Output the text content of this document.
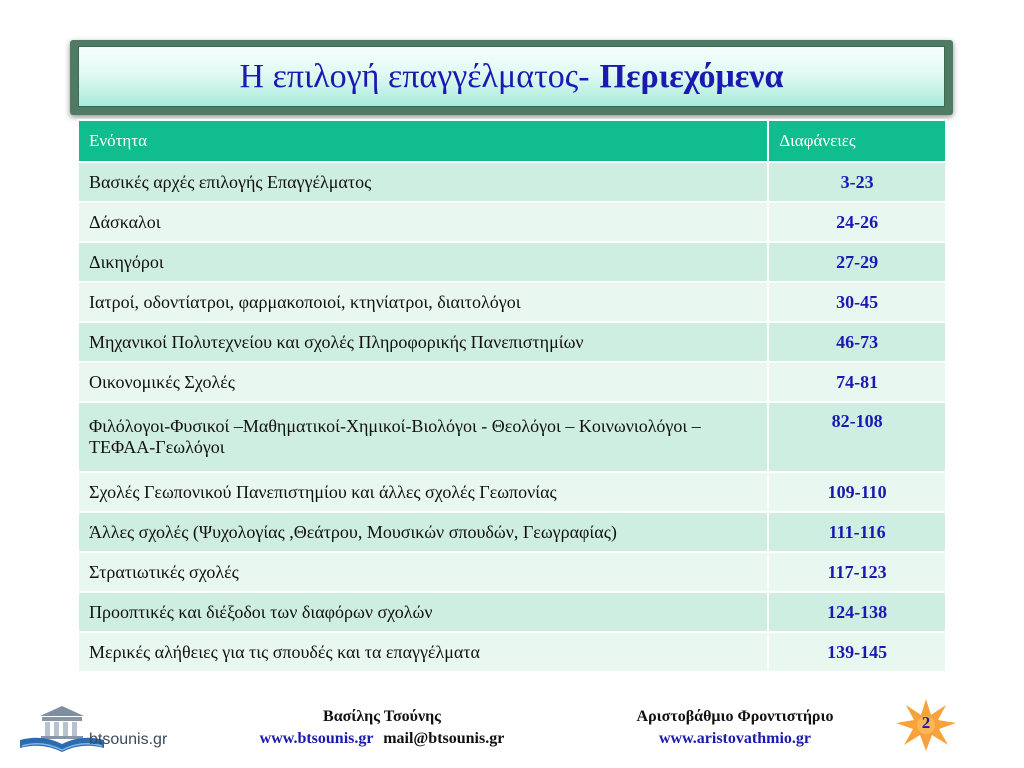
Η επιλογή επαγγέλματος- Περιεχόμενα
Ενότητα	Διαφάνειες
Βασικές αρχές επιλογής Επαγγέλματος	3-23
Δάσκαλοι	24-26
Δικηγόροι	27-29
Ιατροί, οδοντίατροι, φαρμακοποιοί, κτηνίατροι, διαιτολόγοι	30-45
Μηχανικοί Πολυτεχνείου και σχολές Πληροφορικής Πανεπιστημίων	46-73
Οικονομικές Σχολές	74-81
Φιλόλογοι-Φυσικοί –Μαθηματικοί-Χημικοί-Βιολόγοι - Θεολόγοι – Κοινωνιολόγοι –ΤΕΦΑΑ-Γεωλόγοι	82-108
Σχολές Γεωπονικού Πανεπιστημίου και άλλες σχολές Γεωπονίας	109-110
Άλλες σχολές (Ψυχολογίας ,Θεάτρου, Μουσικών σπουδών, Γεωγραφίας)	111-116
Στρατιωτικές σχολές	117-123
Προοπτικές και διέξοδοι των διαφόρων σχολών	124-138
Μερικές αλήθειες για τις σπουδές και τα επαγγέλματα	139-145
btsounis.gr
Βασίλης Τσούνης
www.btsounis.gr mail@btsounis.gr
Αριστοβάθμιο Φροντιστήριο
www.aristovathmio.gr
2
